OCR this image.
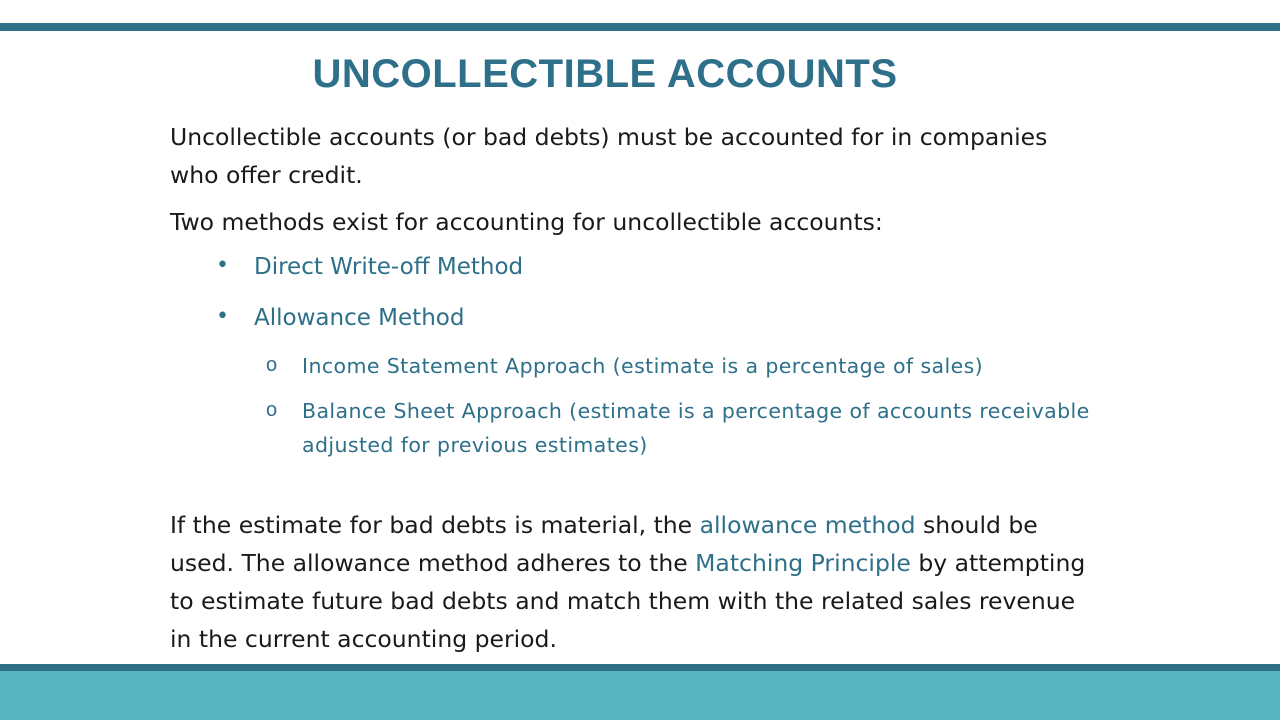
UNCOLLECTIBLE ACCOUNTS

Uncollectible accounts (or bad debts) must be accounted for in companies who offer credit.

Two methods exist for accounting for uncollectible accounts:

• Direct Write-off Method
• Allowance Method
o Income Statement Approach (estimate is a percentage of sales)
o Balance Sheet Approach (estimate is a percentage of accounts receivable adjusted for previous estimates)

If the estimate for bad debts is material, the allowance method should be used. The allowance method adheres to the Matching Principle by attempting to estimate future bad debts and match them with the related sales revenue in the current accounting period.
